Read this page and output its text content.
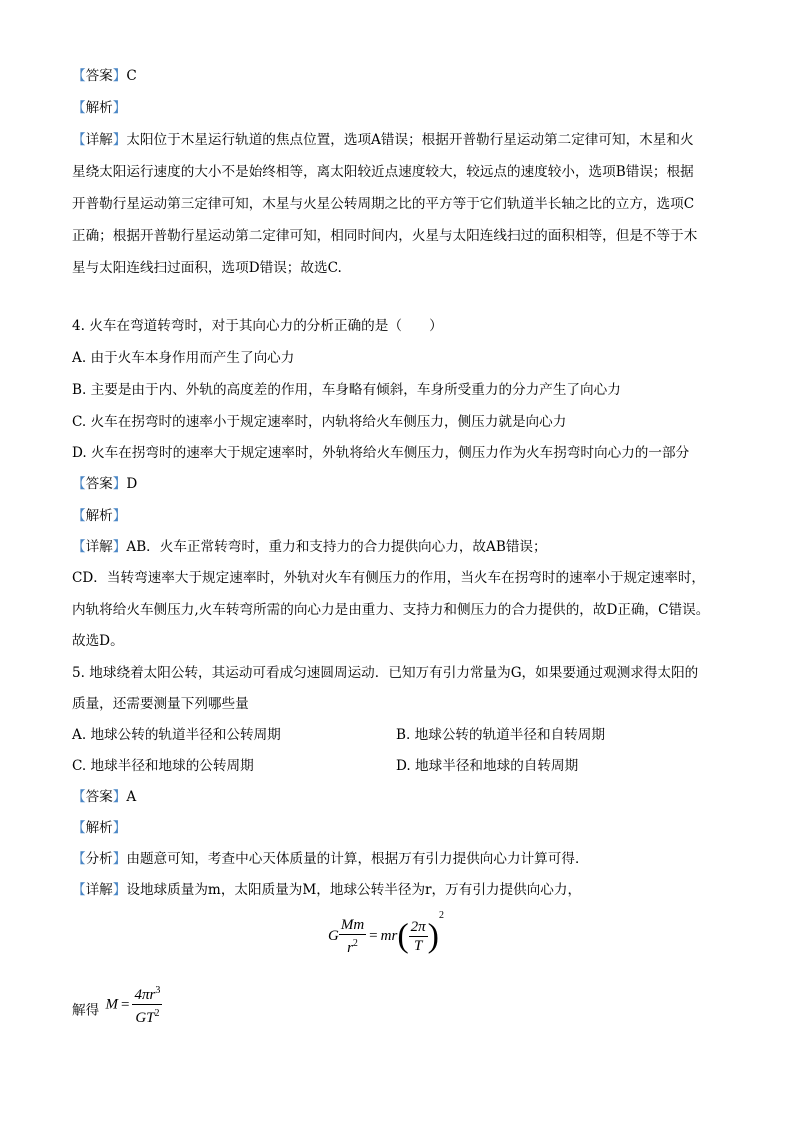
【答案】C
【解析】
【详解】太阳位于木星运行轨道的焦点位置，选项A错误；根据开普勒行星运动第二定律可知，木星和火
星绕太阳运行速度的大小不是始终相等，离太阳较近点速度较大，较远点的速度较小，选项B错误；根据
开普勒行星运动第三定律可知，木星与火星公转周期之比的平方等于它们轨道半长轴之比的立方，选项C
正确；根据开普勒行星运动第二定律可知，相同时间内，火星与太阳连线扫过的面积相等，但是不等于木
星与太阳连线扫过面积，选项D错误；故选C.
4. 火车在弯道转弯时，对于其向心力的分析正确的是（　　）
A. 由于火车本身作用而产生了向心力
B. 主要是由于内、外轨的高度差的作用，车身略有倾斜，车身所受重力的分力产生了向心力
C. 火车在拐弯时的速率小于规定速率时，内轨将给火车侧压力，侧压力就是向心力
D. 火车在拐弯时的速率大于规定速率时，外轨将给火车侧压力，侧压力作为火车拐弯时向心力的一部分
【答案】D
【解析】
【详解】AB．火车正常转弯时，重力和支持力的合力提供向心力，故AB错误；
CD．当转弯速率大于规定速率时，外轨对火车有侧压力的作用，当火车在拐弯时的速率小于规定速率时，
内轨将给火车侧压力,火车转弯所需的向心力是由重力、支持力和侧压力的合力提供的，故D正确，C错误。
故选D。
5. 地球绕着太阳公转，其运动可看成匀速圆周运动．已知万有引力常量为G，如果要通过观测求得太阳的
质量，还需要测量下列哪些量
A. 地球公转的轨道半径和公转周期	B. 地球公转的轨道半径和自转周期
C. 地球半径和地球的公转周期	D. 地球半径和地球的自转周期
【答案】A
【解析】
【分析】由题意可知，考查中心天体质量的计算，根据万有引力提供向心力计算可得．
【详解】设地球质量为m，太阳质量为M，地球公转半径为r，万有引力提供向心力，
G $\frac{Mm}{r^2} = mr( \frac{2\pi}{T} )^2$
解得 $M = \frac{4\pi r^3}{GT^2}$
